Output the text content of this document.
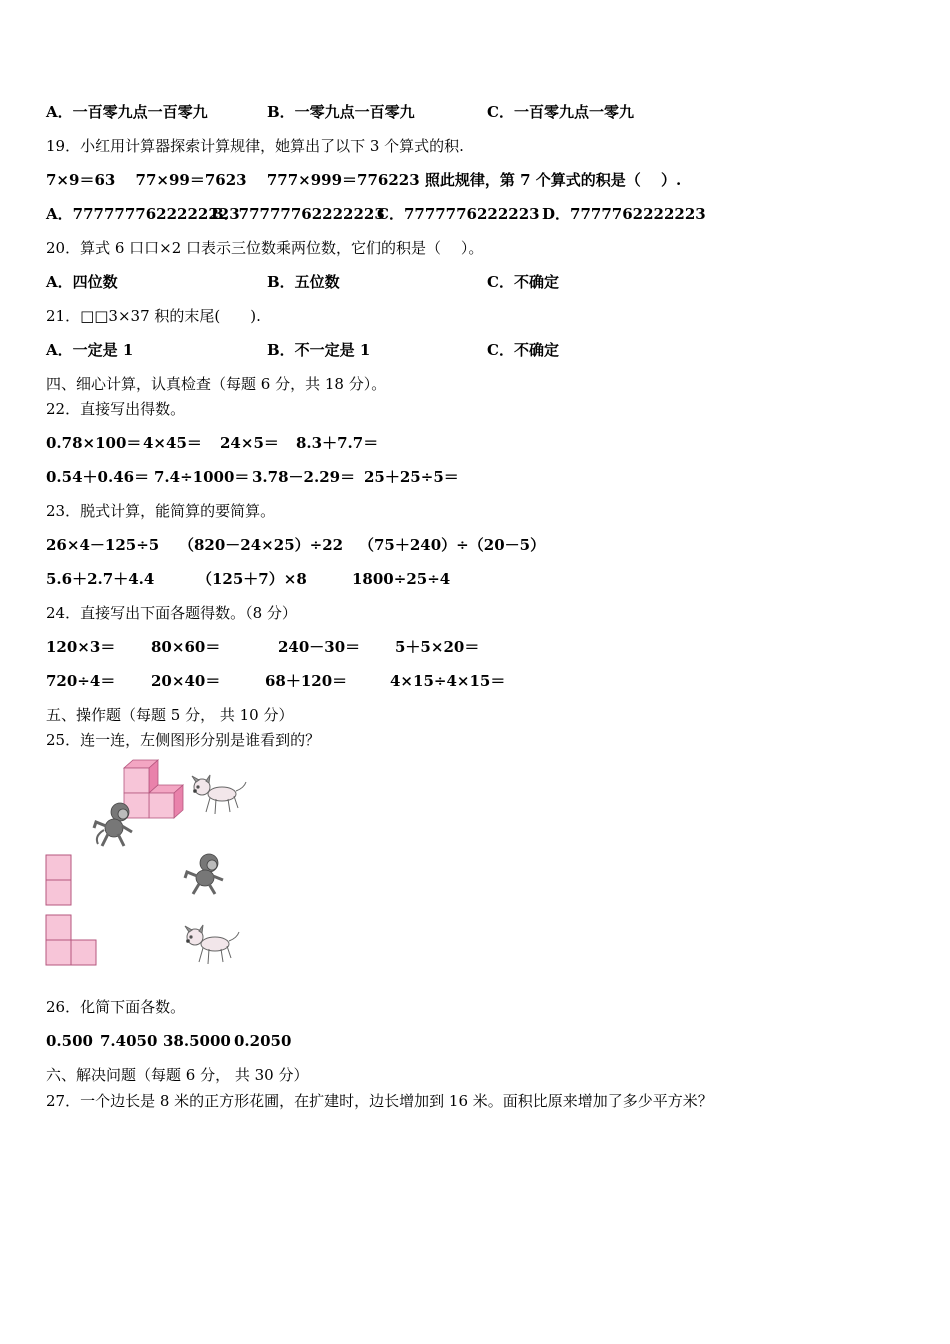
A．一百零九点一百零九	B．一零九点一百零九	C．一百零九点一零九
19．小红用计算器探索计算规律，她算出了以下 3 个算式的积.
7×9＝63　 77×99＝7623　 777×999＝776223 照此规律，第 7 个算式的积是（　 ）.
A．7777777622222223
B．77777762222223
C．7777776222223 D．7777762222223
20．算式 6 口口×2 口表示三位数乘两位数，它们的积是（　 ）。
A．四位数	B．五位数	C．不确定
21．□□3×37 积的末尾(　　).
A．一定是 1	B．不一定是 1	C．不确定
四、细心计算，认真检查（每题 6 分，共 18 分）。
22．直接写出得数。
0.78×100＝ 4×45＝ 24×5＝ 8.3＋7.7＝
0.54＋0.46＝ 7.4÷1000＝ 3.78－2.29＝ 25＋25÷5＝
23．脱式计算，能简算的要简算。
26×4－125÷5 （820－24×25）÷22 （75＋240）÷（20－5）
5.6＋2.7＋4.4	（125＋7）×8	1800÷25÷4
24．直接写出下面各题得数。（8 分）
120×3＝ 80×60＝	240－30＝ 5＋5×20＝
720÷4＝ 20×40＝	68＋120＝	4×15÷4×15＝
五、操作题（每题 5 分， 共 10 分）
25．连一连，左侧图形分别是谁看到的？
26．化简下面各数。
0.500 7.4050 38.5000 0.2050
六、解决问题（每题 6 分， 共 30 分）
27．一个边长是 8 米的正方形花圃，在扩建时，边长增加到 16 米。面积比原来增加了多少平方米？
